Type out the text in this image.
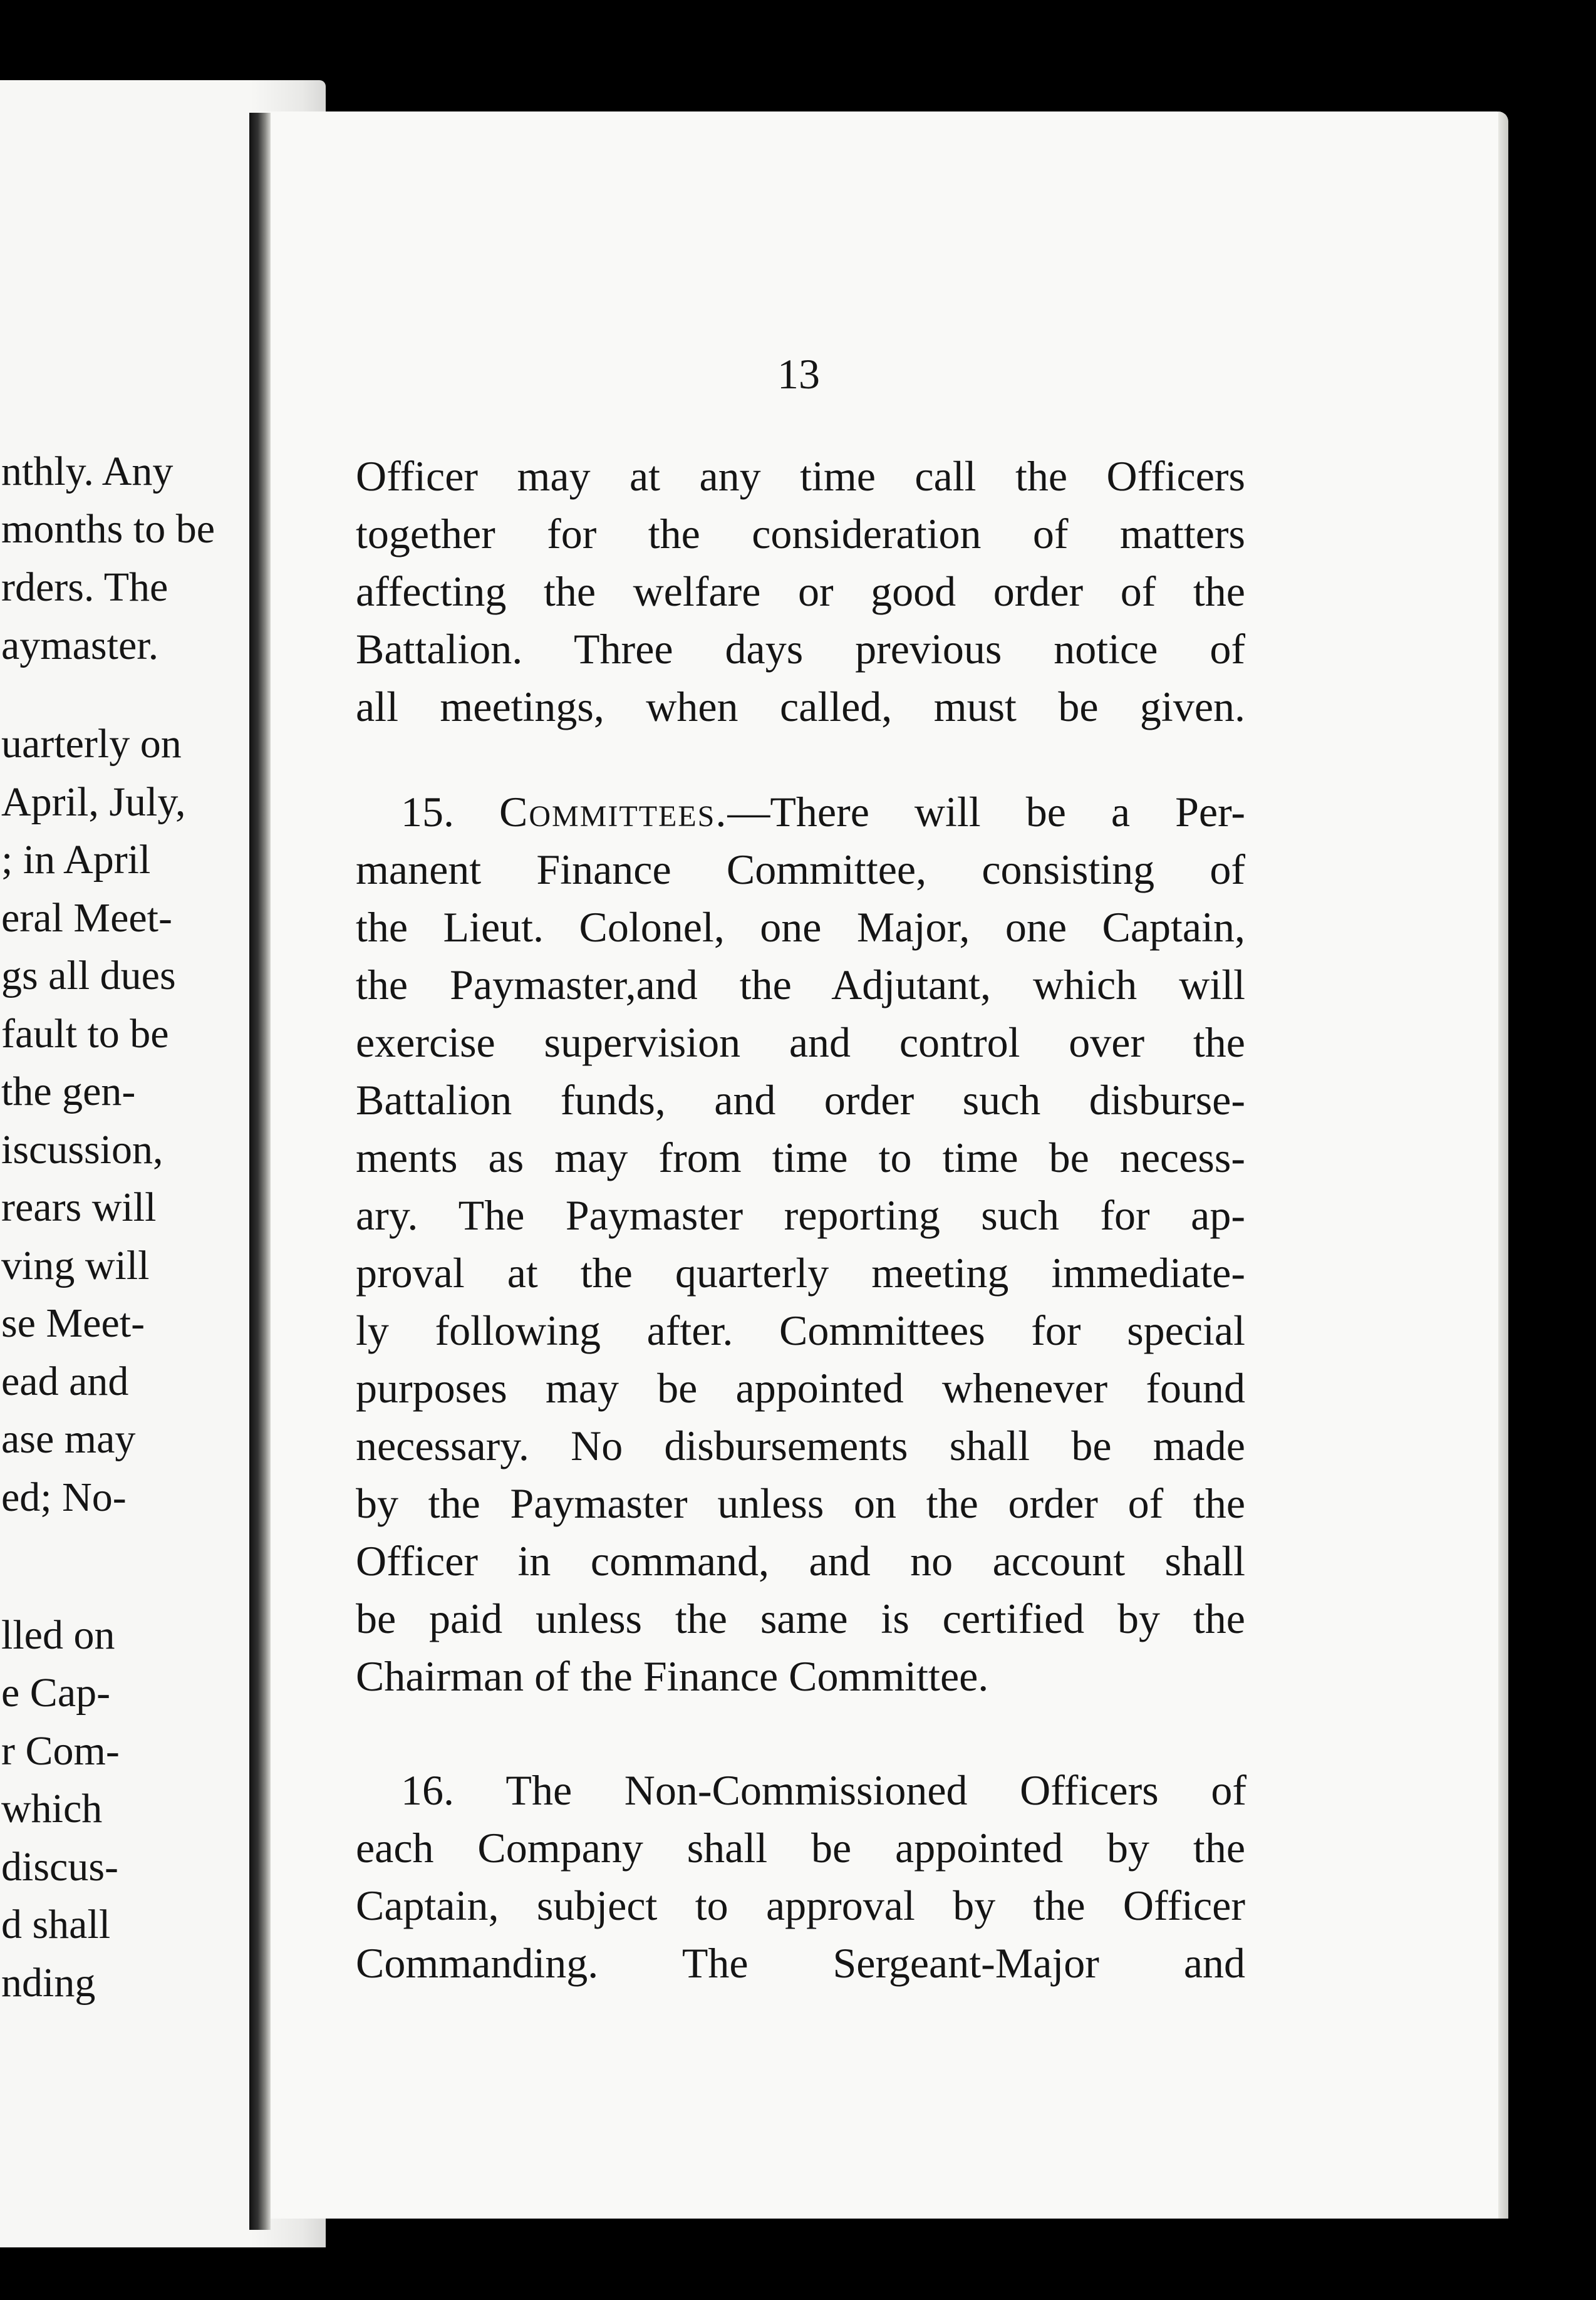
nthly. Any
months to be
rders. The
aymaster.
uarterly on
April, July,
; in April
eral Meet-
gs all dues
fault to be
the gen-
iscussion,
rears will
ving will
se Meet-
ead and
ase may
ed; No-
lled on
e Cap-
r Com-
which
discus-
d shall
nding
13
Officer may at any time call the Officers
together for the consideration of matters
affecting the welfare or good order of the
Battalion. Three days previous notice of
all meetings, when called, must be given.
15. Committees.—There will be a Per-
manent Finance Committee, consisting of
the Lieut. Colonel, one Major, one Captain,
the Paymaster,and the Adjutant, which will
exercise supervision and control over the
Battalion funds, and order such disburse-
ments as may from time to time be necess-
ary. The Paymaster reporting such for ap-
proval at the quarterly meeting immediate-
ly following after. Committees for special
purposes may be appointed whenever found
necessary. No disbursements shall be made
by the Paymaster unless on the order of the
Officer in command, and no account shall
be paid unless the same is certified by the
Chairman of the Finance Committee.
16. The Non-Commissioned Officers of
each Company shall be appointed by the
Captain, subject to approval by the Officer
Commanding. The Sergeant-Major and
